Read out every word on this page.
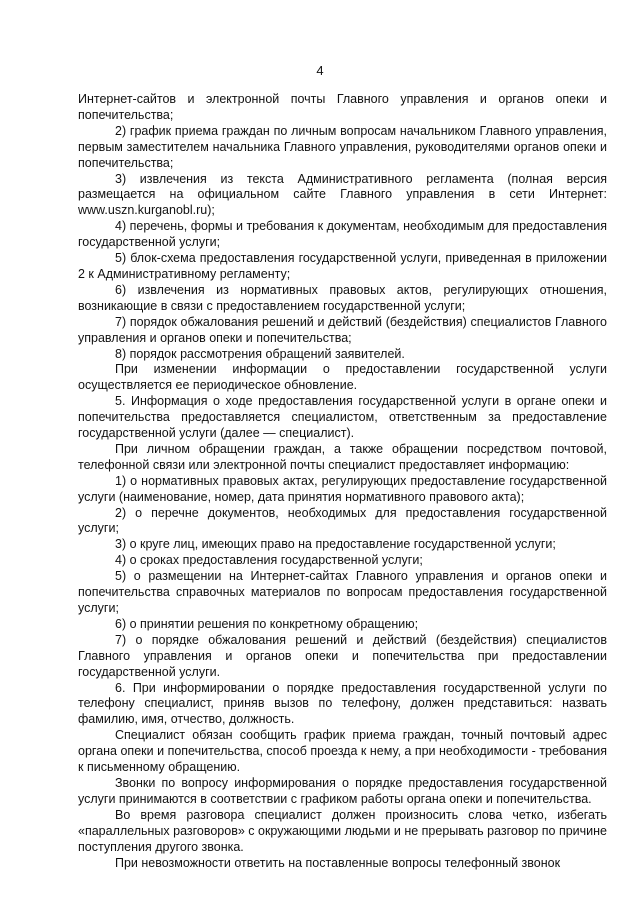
4

Интернет-сайтов и электронной почты Главного управления и органов опеки и попечительства;

2) график приема граждан по личным вопросам начальником Главного управления, первым заместителем начальника Главного управления, руководителями органов опеки и попечительства;

3) извлечения из текста Административного регламента (полная версия размещается на официальном сайте Главного управления в сети Интернет: www.uszn.kurganobl.ru);

4) перечень, формы и требования к документам, необходимым для предоставления государственной услуги;

5) блок-схема предоставления государственной услуги, приведенная в приложении 2 к Административному регламенту;

6) извлечения из нормативных правовых актов, регулирующих отношения, возникающие в связи с предоставлением государственной услуги;

7) порядок обжалования решений и действий (бездействия) специалистов Главного управления и органов опеки и попечительства;

8) порядок рассмотрения обращений заявителей.

При изменении информации о предоставлении государственной услуги осуществляется ее периодическое обновление.

5. Информация о ходе предоставления государственной услуги в органе опеки и попечительства предоставляется специалистом, ответственным за предоставление государственной услуги (далее — специалист).

При личном обращении граждан, а также обращении посредством почтовой, телефонной связи или электронной почты специалист предоставляет информацию:

1) о нормативных правовых актах, регулирующих предоставление государственной услуги (наименование, номер, дата принятия нормативного правового акта);

2) о перечне документов, необходимых для предоставления государственной услуги;

3) о круге лиц, имеющих право на предоставление государственной услуги;

4) о сроках предоставления государственной услуги;

5) о размещении на Интернет-сайтах Главного управления и органов опеки и попечительства справочных материалов по вопросам предоставления государственной услуги;

6) о принятии решения по конкретному обращению;

7) о порядке обжалования решений и действий (бездействия) специалистов Главного управления и органов опеки и попечительства при предоставлении государственной услуги.

6. При информировании о порядке предоставления государственной услуги по телефону специалист, приняв вызов по телефону, должен представиться: назвать фамилию, имя, отчество, должность.

Специалист обязан сообщить график приема граждан, точный почтовый адрес органа опеки и попечительства, способ проезда к нему, а при необходимости - требования к письменному обращению.

Звонки по вопросу информирования о порядке предоставления государственной услуги принимаются в соответствии с графиком работы органа опеки и попечительства.

Во время разговора специалист должен произносить слова четко, избегать «параллельных разговоров» с окружающими людьми и не прерывать разговор по причине поступления другого звонка.

При невозможности ответить на поставленные вопросы телефонный звонок
